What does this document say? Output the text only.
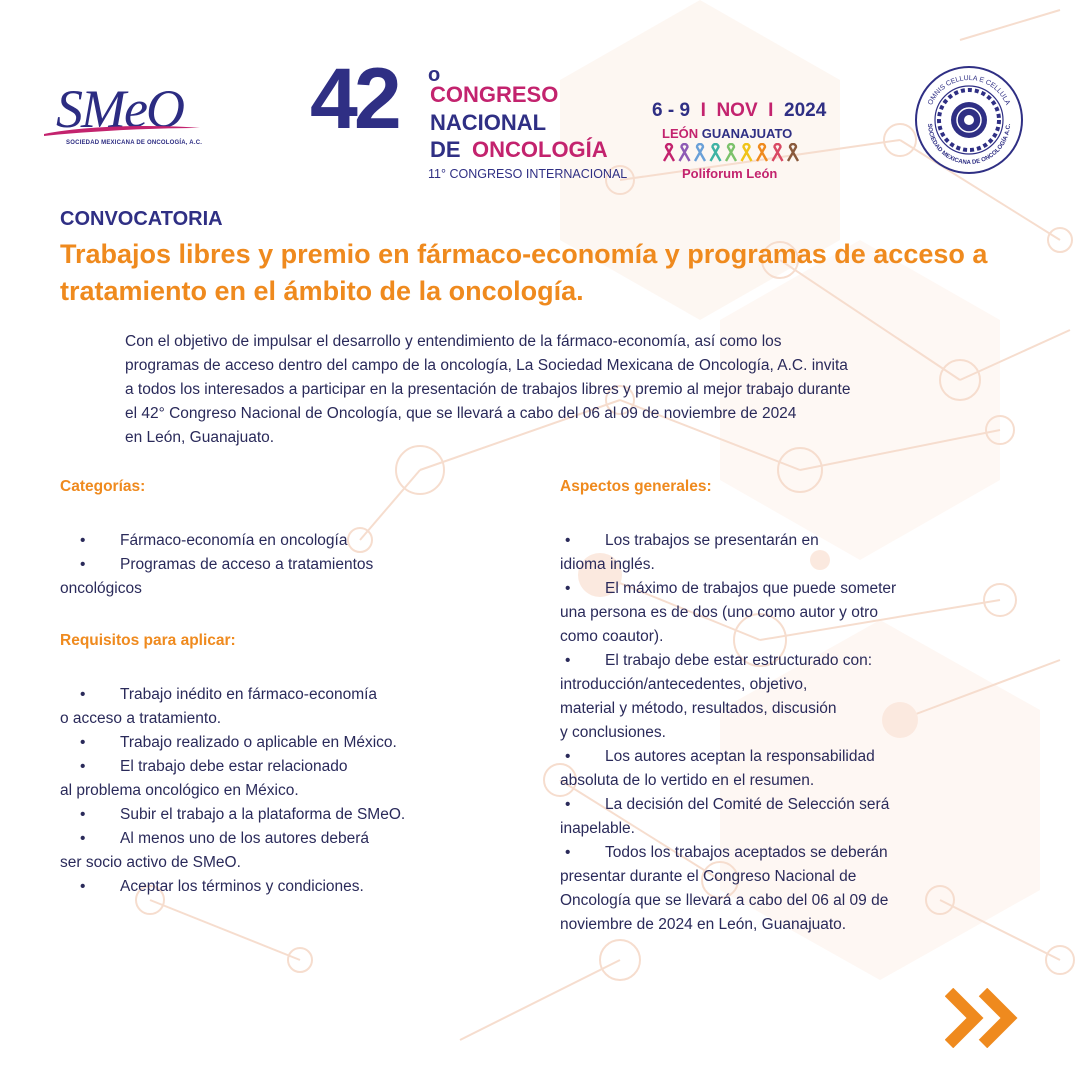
SMeO
SOCIEDAD MEXICANA DE ONCOLOGÍA, A.C. 42 o
CONGRESO
NACIONAL
DE ONCOLOGÍA
11° CONGRESO INTERNACIONAL
6 - 9  I  NOV  I  2024
LEÓN GUANAJUATO
Poliforum León
OMNIS CELLULA E CELLULA
SOCIEDAD MEXICANA DE ONCOLOGÍA A.C.
CONVOCATORIA
Trabajos libres y premio en fármaco-economía y programas de acceso a tratamiento en el ámbito de la oncología.
Con el objetivo de impulsar el desarrollo y entendimiento de la fármaco-economía, así como los
programas de acceso dentro del campo de la oncología, La Sociedad Mexicana de Oncología, A.C. invita
a todos los interesados a participar en la presentación de trabajos libres y premio al mejor trabajo durante
el 42° Congreso Nacional de Oncología, que se llevará a cabo del 06 al 09 de noviembre de 2024
en León, Guanajuato.
Categorías:
• Fármaco-economía en oncología
• Programas de acceso a tratamientos
oncológicos
Requisitos para aplicar:
• Trabajo inédito en fármaco-economía
o acceso a tratamiento.
• Trabajo realizado o aplicable en México.
• El trabajo debe estar relacionado
al problema oncológico en México.
• Subir el trabajo a la plataforma de SMeO.
• Al menos uno de los autores deberá
ser socio activo de SMeO.
• Aceptar los términos y condiciones.
Aspectos generales:
• Los trabajos se presentarán en
idioma inglés.
• El máximo de trabajos que puede someter
una persona es de dos (uno como autor y otro
como coautor).
• El trabajo debe estar estructurado con:
introducción/antecedentes, objetivo,
material y método, resultados, discusión
y conclusiones.
• Los autores aceptan la responsabilidad
absoluta de lo vertido en el resumen.
• La decisión del Comité de Selección será
inapelable.
• Todos los trabajos aceptados se deberán
presentar durante el Congreso Nacional de
Oncología que se llevará a cabo del 06 al 09 de
noviembre de 2024 en León, Guanajuato.
